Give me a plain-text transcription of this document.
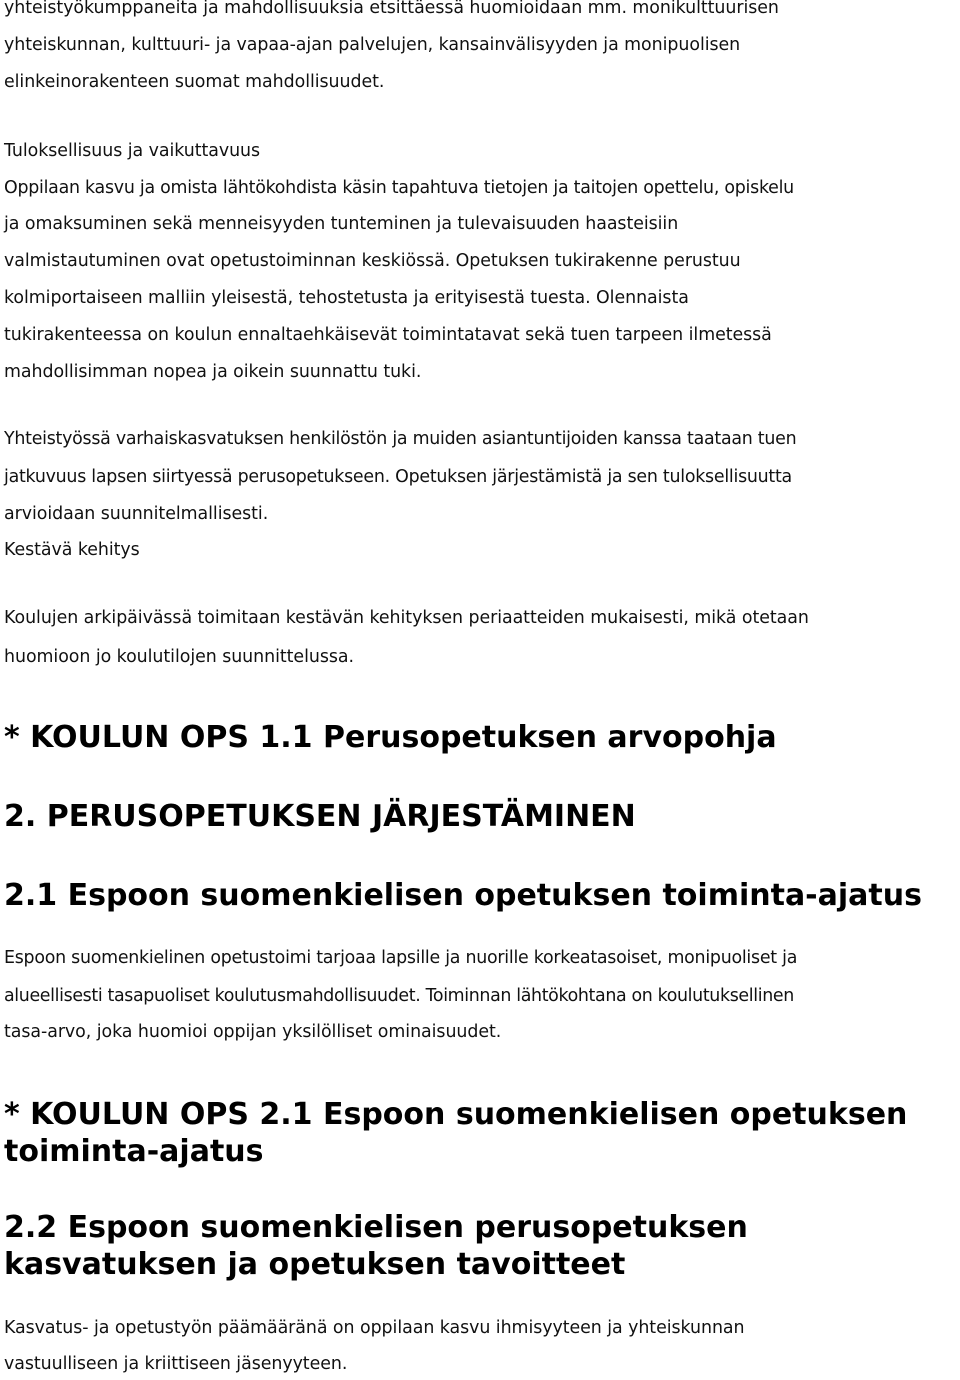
yhteistyökumppaneita ja mahdollisuuksia etsittäessä huomioidaan mm. monikulttuurisen
yhteiskunnan, kulttuuri- ja vapaa-ajan palvelujen, kansainvälisyyden ja monipuolisen
elinkeinorakenteen suomat mahdollisuudet.
Tuloksellisuus ja vaikuttavuus
Oppilaan kasvu ja omista lähtökohdista käsin tapahtuva tietojen ja taitojen opettelu, opiskelu
ja omaksuminen sekä menneisyyden tunteminen ja tulevaisuuden haasteisiin
valmistautuminen ovat opetustoiminnan keskiössä. Opetuksen tukirakenne perustuu
kolmiportaiseen malliin yleisestä, tehostetusta ja erityisestä tuesta. Olennaista
tukirakenteessa on koulun ennaltaehkäisevät toimintatavat sekä tuen tarpeen ilmetessä
mahdollisimman nopea ja oikein suunnattu tuki.
Yhteistyössä varhaiskasvatuksen henkilöstön ja muiden asiantuntijoiden kanssa taataan tuen
jatkuvuus lapsen siirtyessä perusopetukseen. Opetuksen järjestämistä ja sen tuloksellisuutta
arvioidaan suunnitelmallisesti.
Kestävä kehitys
Koulujen arkipäivässä toimitaan kestävän kehityksen periaatteiden mukaisesti, mikä otetaan
huomioon jo koulutilojen suunnittelussa.
* KOULUN OPS 1.1 Perusopetuksen arvopohja
2. PERUSOPETUKSEN JÄRJESTÄMINEN
2.1 Espoon suomenkielisen opetuksen toiminta-ajatus
Espoon suomenkielinen opetustoimi tarjoaa lapsille ja nuorille korkeatasoiset, monipuoliset ja
alueellisesti tasapuoliset koulutusmahdollisuudet. Toiminnan lähtökohtana on koulutuksellinen
tasa-arvo, joka huomioi oppijan yksilölliset ominaisuudet.
* KOULUN OPS 2.1 Espoon suomenkielisen opetuksen
toiminta-ajatus
2.2 Espoon suomenkielisen perusopetuksen
kasvatuksen ja opetuksen tavoitteet
Kasvatus- ja opetustyön päämääränä on oppilaan kasvu ihmisyyteen ja yhteiskunnan
vastuulliseen ja kriittiseen jäsenyyteen.
